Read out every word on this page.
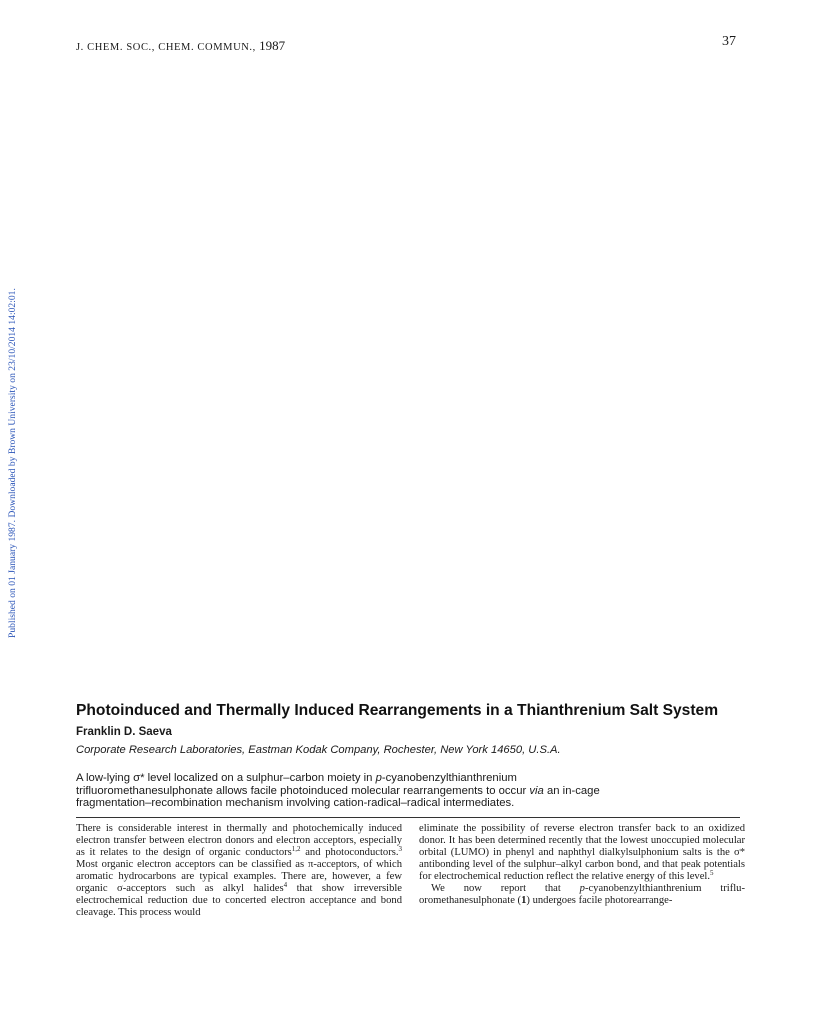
J. CHEM. SOC., CHEM. COMMUN., 1987	37
Published on 01 January 1987. Downloaded by Brown University on 23/10/2014 14:02:01.
Photoinduced and Thermally Induced Rearrangements in a Thianthrenium Salt System
Franklin D. Saeva
Corporate Research Laboratories, Eastman Kodak Company, Rochester, New York 14650, U.S.A.
A low-lying σ* level localized on a sulphur–carbon moiety in p-cyanobenzylthianthrenium
trifluoromethanesulphonate allows facile photoinduced molecular rearrangements to occur via an in-cage
fragmentation–recombination mechanism involving cation-radical–radical intermediates.

There is considerable interest in thermally and photochemically induced electron transfer between electron donors and electron acceptors, especially as it relates to the design of organic conductors$^{1,2}$ and photoconductors.$^3$ Most organic electron acceptors can be classified as π-acceptors, of which aromatic hydrocarbons are typical examples. There are, however, a few organic σ-acceptors such as alkyl halides$^4$ that show irreversible electrochemical reduction due to concerted electron acceptance and bond cleavage. This process would

eliminate the possibility of reverse electron transfer back to an oxidized donor. It has been determined recently that the lowest unoccupied molecular orbital (LUMO) in phenyl and naphthyl dialkylsulphonium salts is the σ* antibonding level of the sulphur–alkyl carbon bond, and that peak potentials for electrochemical reduction reflect the relative energy of this level.$^5$

We now report that p-cyanobenzylthianthrenium trifluoromethanesulphonate (1) undergoes facile photorearrange-
